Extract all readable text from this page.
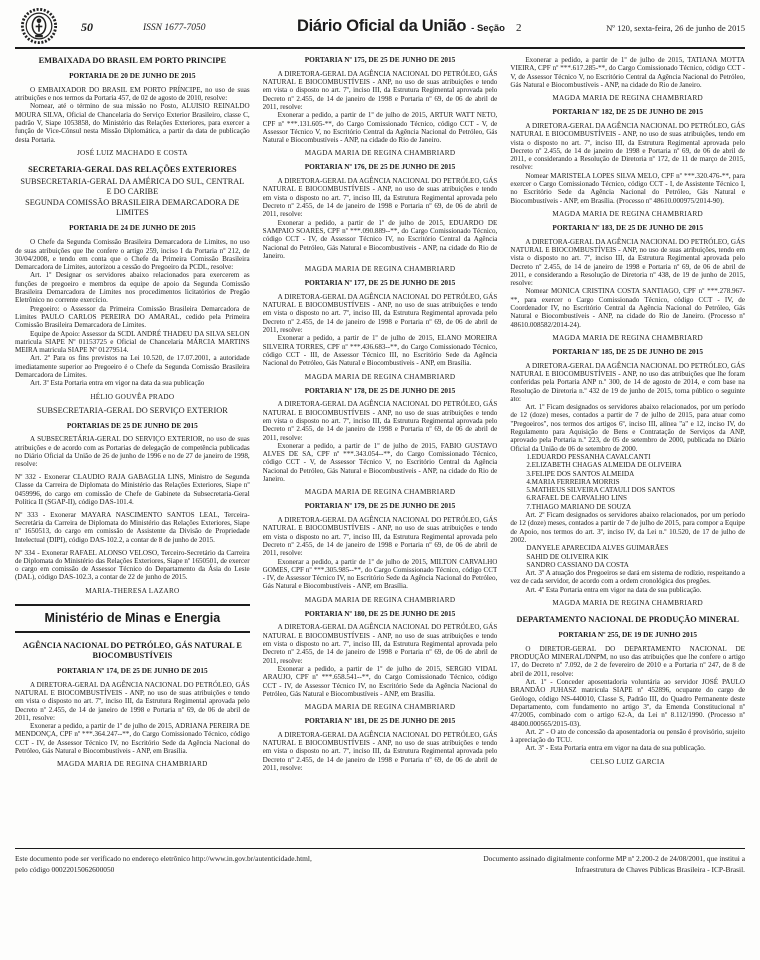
50	ISSN 1677-7050	Diário Oficial da União - Seção 2	Nº 120, sexta-feira, 26 de junho de 2015
EMBAIXADA DO BRASIL EM PORTO PRINCIPE
PORTARIA DE 20 DE JUNHO DE 2015
O EMBAIXADOR DO BRASIL EM PORTO PRÍNCIPE, no uso de suas atribuições e nos termos da Portaria 457, de 02 de agosto de 2010, resolve:
Nomear, até o término de sua missão no Posto, ALUISIO REINALDO MOURA SILVA, Oficial de Chancelaria do Serviço Exterior Brasileiro, classe C, padrão V, Siape 1053858, do Ministério das Relações Exteriores, para exercer a função de Vice-Cônsul nesta Missão Diplomática, a partir da data de publicação desta Portaria.
JOSÉ LUIZ MACHADO E COSTA
SECRETARIA-GERAL DAS RELAÇÕES EXTERIORES
SUBSECRETARIA-GERAL DA AMÉRICA DO SUL, CENTRAL E DO CARIBE
SEGUNDA COMISSÃO BRASILEIRA DEMARCADORA DE LIMITES
PORTARIA DE 24 DE JUNHO DE 2015
O Chefe da Segunda Comissão Brasileira Demarcadora de Limites, no uso de suas atribuições que lhe confere o artigo 259, inciso I da Portaria nº 212, de 30/04/2008, e tendo em conta que o Chefe da Primeira Comissão Brasileira Demarcadora de Limites, autorizou a cessão do Pregoeiro da PCDL, resolve:
Art. 1º Designar os servidores abaixo relacionados para exercerem as funções de pregoeiro e membros da equipe de apoio da Segunda Comissão Brasileira Demarcadora de Limites nos procedimentos licitatórios de Pregão Eletrônico no corrente exercício.
Pregoeiro: o Assessor da Primeira Comissão Brasileira Demarcadora de Limites PAULO CARLOS PEREIRA DO AMARAL, cedido pela Primeira Comissão Brasileira Demarcadora de Limites.
Equipe de Apoio: Assessor da SCDL ANDRÉ THADEU DA SILVA SELON matricula SIAPE Nº 01153725 e Oficial de Chancelaria MÁRCIA MARTINS MEIRA matricula SIAPE Nº 01279514.
Art. 2º Para os fins previstos na Lei 10.520, de 17.07.2001, a autoridade imediatamente superior ao Pregoeiro é o Chefe da Segunda Comissão Brasileira Demarcadora de Limites.
Art. 3º Esta Portaria entra em vigor na data da sua publicação
HÉLIO GOUVÊA PRADO
SUBSECRETARIA-GERAL DO SERVIÇO EXTERIOR
PORTARIAS DE 25 DE JUNHO DE 2015
A SUBSECRETÁRIA-GERAL DO SERVIÇO EXTERIOR, no uso de suas atribuições e de acordo com as Portarias de delegação de competência publicadas no Diário Oficial da União de 26 de junho de 1996 e no de 27 de janeiro de 1998, resolve:
Nº 332 - Exonerar CLAUDIO RAJA GABAGLIA LINS, Ministro de Segunda Classe da Carreira de Diplomata do Ministério das Relações Exteriores, Siape nº 0459996, do cargo em comissão de Chefe de Gabinete da Subsecretaria-Geral Política II (SGAP-II), código DAS-101.4.
Nº 333 - Exonerar MAYARA NASCIMENTO SANTOS LEAL, Terceira-Secretária da Carreira de Diplomata do Ministério das Relações Exteriores, Siape nº 1650513, do cargo em comissão de Assistente da Divisão de Propriedade Intelectual (DIPI), código DAS-102.2, a contar de 8 de junho de 2015.
Nº 334 - Exonerar RAFAEL ALONSO VELOSO, Terceiro-Secretário da Carreira de Diplomata do Ministério das Relações Exteriores, Siape nº 1650501, de exercer o cargo em comissão de Assessor Técnico do Departamento da Ásia do Leste (DAL), código DAS-102.3, a contar de 22 de junho de 2015.
MARIA-THERESA LAZARO
Ministério de Minas e Energia
AGÊNCIA NACIONAL DO PETRÓLEO, GÁS NATURAL E BIOCOMBUSTÍVEIS
PORTARIA Nº 174, DE 25 DE JUNHO DE 2015
A DIRETORA-GERAL DA AGÊNCIA NACIONAL DO PETRÓLEO, GÁS NATURAL E BIOCOMBUSTÍVEIS - ANP, no uso de suas atribuições e tendo em vista o disposto no art. 7º, inciso III, da Estrutura Regimental aprovada pelo Decreto nº 2.455, de 14 de janeiro de 1998 e Portaria nº 69, de 06 de abril de 2011, resolve:
Exonerar a pedido, a partir de 1º de julho de 2015, ADRIANA PEREIRA DE MENDONÇA, CPF nº ***.364.247--**, do Cargo Comissionado Técnico, código CCT - IV, de Assessor Técnico IV, no Escritório Sede da Agência Nacional do Petróleo, Gás Natural e Biocombustíveis - ANP, em Brasília.
MAGDA MARIA DE REGINA CHAMBRIARD
PORTARIA Nº 175, DE 25 DE JUNHO DE 2015
A DIRETORA-GERAL DA AGÊNCIA NACIONAL DO PETRÓLEO, GÁS NATURAL E BIOCOMBUSTÍVEIS - ANP, no uso de suas atribuições e tendo em vista o disposto no art. 7º, inciso III, da Estrutura Regimental aprovada pelo Decreto nº 2.455, de 14 de janeiro de 1998 e Portaria nº 69, de 06 de abril de 2011, resolve:
Exonerar a pedido, a partir de 1º de julho de 2015, ARTUR WATT NETO, CPF nº ***.131.605-**, do Cargo Comissionado Técnico, código CCT - V, de Assessor Técnico V, no Escritório Central da Agência Nacional do Petróleo, Gás Natural e Biocombustíveis - ANP, na cidade do Rio de Janeiro.
MAGDA MARIA DE REGINA CHAMBRIARD
PORTARIA Nº 176, DE 25 DE JUNHO DE 2015
A DIRETORA-GERAL DA AGÊNCIA NACIONAL DO PETRÓLEO, GÁS NATURAL E BIOCOMBUSTÍVEIS - ANP, no uso de suas atribuições e tendo em vista o disposto no art. 7º, inciso III, da Estrutura Regimental aprovada pelo Decreto nº 2.455, de 14 de janeiro de 1998 e Portaria nº 69, de 06 de abril de 2011, resolve:
Exonerar a pedido, a partir de 1º de julho de 2015, EDUARDO DE SAMPAIO SOARES, CPF nº ***.090.889--**, do Cargo Comissionado Técnico, código CCT - IV, de Assessor Técnico IV, no Escritório Central da Agência Nacional do Petróleo, Gás Natural e Biocombustíveis - ANP, na cidade do Rio de Janeiro.
MAGDA MARIA DE REGINA CHAMBRIARD
PORTARIA Nº 177, DE 25 DE JUNHO DE 2015
A DIRETORA-GERAL DA AGÊNCIA NACIONAL DO PETRÓLEO, GÁS NATURAL E BIOCOMBUSTÍVEIS - ANP, no uso de suas atribuições e tendo em vista o disposto no art. 7º, inciso III, da Estrutura Regimental aprovada pelo Decreto nº 2.455, de 14 de janeiro de 1998 e Portaria nº 69, de 06 de abril de 2011, resolve:
Exonerar a pedido, a partir de 1º de julho de 2015, ELANO MOREIRA SILVEIRA TORRES, CPF nº ***.436.683--**, do Cargo Comissionado Técnico, código CCT - III, de Assessor Técnico III, no Escritório Sede da Agência Nacional do Petróleo, Gás Natural e Biocombustíveis - ANP, em Brasília.
MAGDA MARIA DE REGINA CHAMBRIARD
PORTARIA Nº 178, DE 25 DE JUNHO DE 2015
A DIRETORA-GERAL DA AGÊNCIA NACIONAL DO PETRÓLEO, GÁS NATURAL E BIOCOMBUSTÍVEIS - ANP, no uso de suas atribuições e tendo em vista o disposto no art. 7º, inciso III, da Estrutura Regimental aprovada pelo Decreto nº 2.455, de 14 de janeiro de 1998 e Portaria nº 69, de 06 de abril de 2011, resolve:
Exonerar a pedido, a partir de 1º de julho de 2015, FABIO GUSTAVO ALVES DE SA, CPF nº ***.343.054--**, do Cargo Comissionado Técnico, código CCT - V, de Assessor Técnico V, no Escritório Central da Agência Nacional do Petróleo, Gás Natural e Biocombustíveis - ANP, na cidade do Rio de Janeiro.
MAGDA MARIA DE REGINA CHAMBRIARD
PORTARIA Nº 179, DE 25 DE JUNHO DE 2015
A DIRETORA-GERAL DA AGÊNCIA NACIONAL DO PETRÓLEO, GÁS NATURAL E BIOCOMBUSTÍVEIS - ANP, no uso de suas atribuições e tendo em vista o disposto no art. 7º, inciso III, da Estrutura Regimental aprovada pelo Decreto nº 2.455, de 14 de janeiro de 1998 e Portaria nº 69, de 06 de abril de 2011, resolve:
Exonerar a pedido, a partir de 1º de julho de 2015, MILTON CARVALHO GOMES, CPF nº ***.305.985--**, do Cargo Comissionado Técnico, código CCT - IV, de Assessor Técnico IV, no Escritório Sede da Agência Nacional do Petróleo, Gás Natural e Biocombustíveis - ANP, em Brasília.
MAGDA MARIA DE REGINA CHAMBRIARD
PORTARIA Nº 180, DE 25 DE JUNHO DE 2015
A DIRETORA-GERAL DA AGÊNCIA NACIONAL DO PETRÓLEO, GÁS NATURAL E BIOCOMBUSTÍVEIS - ANP, no uso de suas atribuições e tendo em vista o disposto no art. 7º, inciso III, da Estrutura Regimental aprovada pelo Decreto nº 2.455, de 14 de janeiro de 1998 e Portaria nº 69, de 06 de abril de 2011, resolve:
Exonerar a pedido, a partir de 1º de julho de 2015, SERGIO VIDAL ARAUJO, CPF nº ***.658.541--**, do Cargo Comissionado Técnico, código CCT - IV, de Assessor Técnico IV, no Escritório Sede da Agência Nacional do Petróleo, Gás Natural e Biocombustíveis - ANP, em Brasília.
MAGDA MARIA DE REGINA CHAMBRIARD
PORTARIA Nº 181, DE 25 DE JUNHO DE 2015
A DIRETORA-GERAL DA AGÊNCIA NACIONAL DO PETRÓLEO, GÁS NATURAL E BIOCOMBUSTÍVEIS - ANP, no uso de suas atribuições e tendo em vista o disposto no art. 7º, inciso III, da Estrutura Regimental aprovada pelo Decreto nº 2.455, de 14 de janeiro de 1998 e Portaria nº 69, de 06 de abril de 2011, resolve:
Exonerar a pedido, a partir de 1º de julho de 2015, TATIANA MOTTA VIEIRA, CPF nº ***.617.285-**, do Cargo Comissionado Técnico, código CCT - V, de Assessor Técnico V, no Escritório Central da Agência Nacional do Petróleo, Gás Natural e Biocombustíveis - ANP, na cidade do Rio de Janeiro.
MAGDA MARIA DE REGINA CHAMBRIARD
PORTARIA Nº 182, DE 25 DE JUNHO DE 2015
A DIRETORA-GERAL DA AGÊNCIA NACIONAL DO PETRÓLEO, GÁS NATURAL E BIOCOMBUSTÍVEIS - ANP, no uso de suas atribuições, tendo em vista o disposto no art. 7º, inciso III, da Estrutura Regimental aprovada pelo Decreto nº 2.455, de 14 de janeiro de 1998 e Portaria nº 69, de 06 de abril de 2011, e considerando a Resolução de Diretoria nº 172, de 11 de março de 2015, resolve:
Nomear MARISTELA LOPES SILVA MELO, CPF nº ***.320.476-**, para exercer o Cargo Comissionado Técnico, código CCT - I, de Assistente Técnico I, no Escritório Sede da Agência Nacional do Petróleo, Gás Natural e Biocombustíveis - ANP, em Brasília. (Processo nº 48610.000975/2014-90).
MAGDA MARIA DE REGINA CHAMBRIARD
PORTARIA Nº 183, DE 25 DE JUNHO DE 2015
A DIRETORA-GERAL DA AGÊNCIA NACIONAL DO PETRÓLEO, GÁS NATURAL E BIOCOMBUSTÍVEIS - ANP, no uso de suas atribuições, tendo em vista o disposto no art. 7º, inciso III, da Estrutura Regimental aprovada pelo Decreto nº 2.455, de 14 de janeiro de 1998 e Portaria nº 69, de 06 de abril de 2011, e considerando a Resolução de Diretoria nº 438, de 19 de junho de 2015, resolve:
Nomear MONICA CRISTINA COSTA SANTIAGO, CPF nº ***.278.967-**, para exercer o Cargo Comissionado Técnico, código CCT - IV, de Coordenador IV, no Escritório Central da Agência Nacional do Petróleo, Gás Natural e Biocombustíveis - ANP, na cidade do Rio de Janeiro. (Processo nº 48610.008582/2014-24).
MAGDA MARIA DE REGINA CHAMBRIARD
PORTARIA Nº 185, DE 25 DE JUNHO DE 2015
A DIRETORA-GERAL DA AGÊNCIA NACIONAL DO PETRÓLEO, GÁS NATURAL E BIOCOMBUSTÍVEIS - ANP, no uso das atribuições que lhe foram conferidas pela Portaria ANP n.º 300, de 14 de agosto de 2014, e com base na Resolução de Diretoria n.º 432 de 19 de junho de 2015, torna público o seguinte ato:
Art. 1º Ficam designados os servidores abaixo relacionados, por um período de 12 (doze) meses, contados a partir de 7 de julho de 2015, para atuar como "Pregoeiros", nos termos dos artigos 6º, inciso III, alínea "a" e 12, inciso IV, do Regulamento para Aquisição de Bens e Contratação de Serviços da ANP, aprovado pela Portaria n.º 223, de 05 de setembro de 2000, publicada no Diário Oficial da União de 06 de setembro de 2000.
1.EDUARDO PESSANHA CAVALCANTI
2.ELIZABETH CHAGAS ALMEIDA DE OLIVEIRA
3.FELIPE DOS SANTOS ALMEIDA
4.MARIA FERREIRA MORRIS
5.MATHEUS SILVEIRA CATAULI DOS SANTOS
6.RAFAEL DE CARVALHO LINS
7.THIAGO MARIANO DE SOUZA
Art. 2º Ficam designados os servidores abaixo relacionados, por um período de 12 (doze) meses, contados a partir de 7 de julho de 2015, para compor a Equipe de Apoio, nos termos do art. 3º, inciso IV, da Lei n.º 10.520, de 17 de julho de 2002.
DANYELE APARECIDA ALVES GUIMARÃES
SAHID DE OLIVEIRA KIK
SANDRO CASSIANO DA COSTA
Art. 3º A atuação dos Pregoeiros se dará em sistema de rodízio, respeitando a vez de cada servidor, de acordo com a ordem cronológica dos pregões.
Art. 4º Esta Portaria entra em vigor na data de sua publicação.
MAGDA MARIA DE REGINA CHAMBRIARD
DEPARTAMENTO NACIONAL DE PRODUÇÃO MINERAL
PORTARIA Nº 255, DE 19 DE JUNHO 2015
O DIRETOR-GERAL DO DEPARTAMENTO NACIONAL DE PRODUÇÃO MINERAL/DNPM, no uso das atribuições que lhe confere o artigo 17, do Decreto nº 7.092, de 2 de fevereiro de 2010 e a Portaria nº 247, de 8 de abril de 2011, resolve:
Art. 1º - Conceder aposentadoria voluntária ao servidor JOSÉ PAULO BRANDÃO JUHASZ matricula SIAPE nº 452896, ocupante do cargo de Geólogo, código NS-440010, Classe S, Padrão III, do Quadro Permanente deste Departamento, com fundamento no artigo 3º, da Emenda Constitucional nº 47/2005, combinado com o artigo 62-A, da Lei nº 8.112/1990. (Processo nº 48400.000565/2015-03).
Art. 2º - O ato de concessão da aposentadoria ou pensão é provisório, sujeito à apreciação do TCU.
Art. 3º - Esta Portaria entra em vigor na data de sua publicação.
CELSO LUIZ GARCIA
Este documento pode ser verificado no endereço eletrônico http://www.in.gov.br/autenticidade.html,
pelo código 00022015062600050
Documento assinado digitalmente conforme MP nº 2.200-2 de 24/08/2001, que institui a
Infraestrutura de Chaves Públicas Brasileira - ICP-Brasil.
